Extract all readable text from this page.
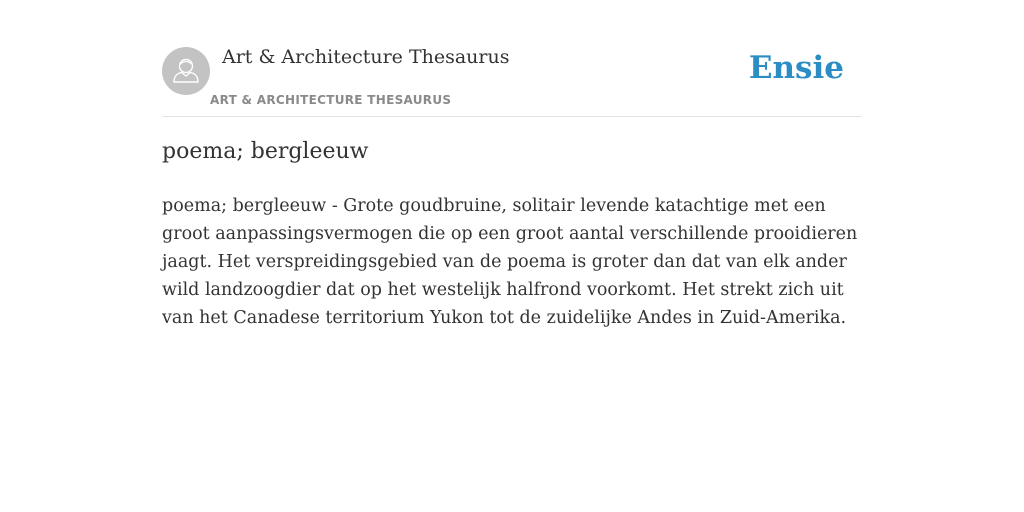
Art & Architecture Thesaurus
ART & ARCHITECTURE THESAURUS
Ensie
poema; bergleeuw

poema; bergleeuw - Grote goudbruine, solitair levende katachtige met een groot aanpassingsvermogen die op een groot aantal verschillende prooidieren jaagt. Het verspreidingsgebied van de poema is groter dan dat van elk ander wild landzoogdier dat op het westelijk halfrond voorkomt. Het strekt zich uit van het Canadese territorium Yukon tot de zuidelijke Andes in Zuid-Amerika.
